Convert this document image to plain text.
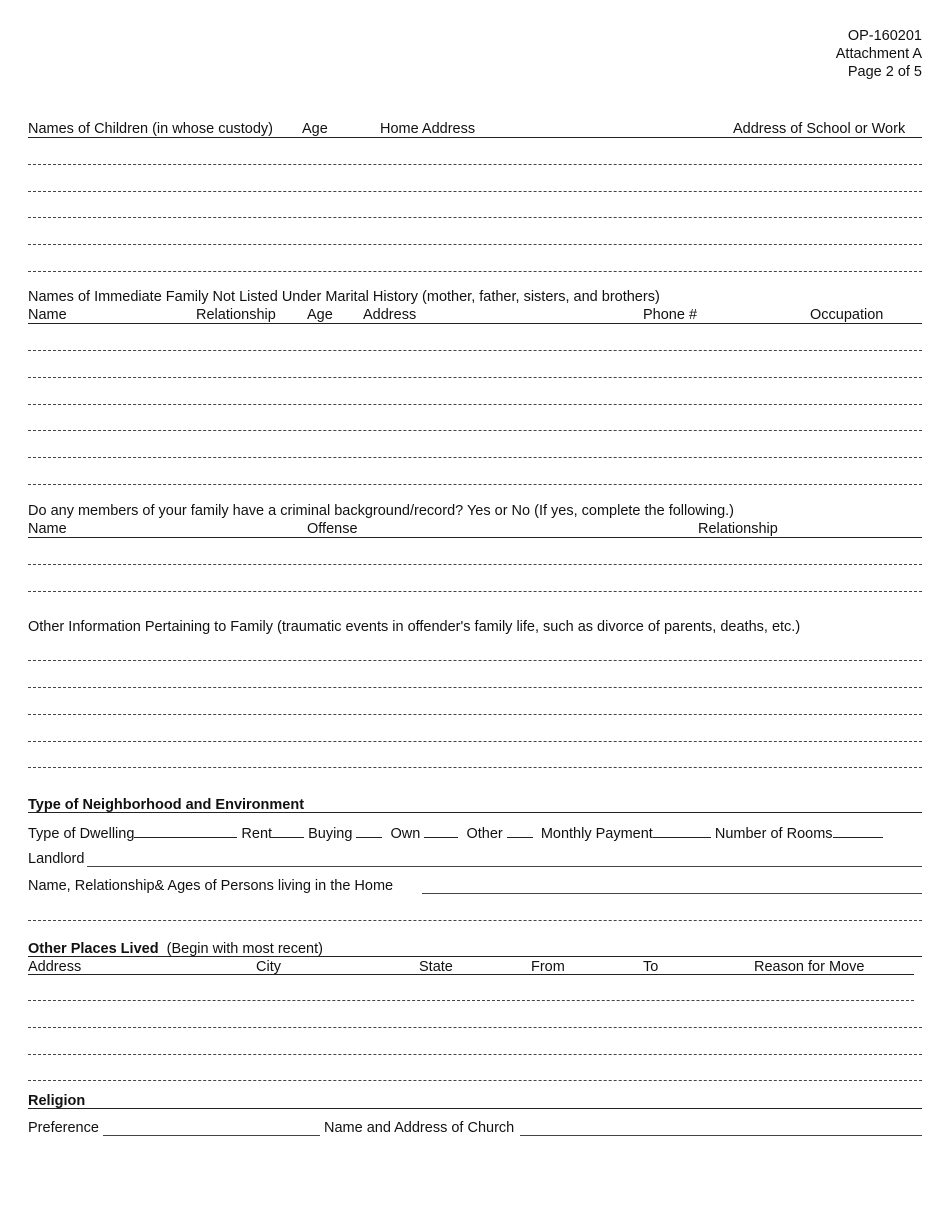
OP-160201
Attachment A
Page 2 of 5
Names of Children (in whose custody) Age	Home Address	Address of School or Work
Names of Immediate Family Not Listed Under Marital History (mother, father, sisters, and brothers)
Name	Relationship Age Address	Phone #	Occupation
Do any members of your family have a criminal background/record? Yes or No (If yes, complete the following.)
Name	Offense	Relationship
Other Information Pertaining to Family (traumatic events in offender's family life, such as divorce of parents, deaths, etc.)
Type of Neighborhood and Environment
Type of Dwelling	Rent Buying	Own	Other	Monthly Payment	Number of Rooms
Landlord
Name, Relationship& Ages of Persons living in the Home
Other Places Lived (Begin with most recent)
Address	City	State	From	To	Reason for Move
Religion
Preference	Name and Address of Church
